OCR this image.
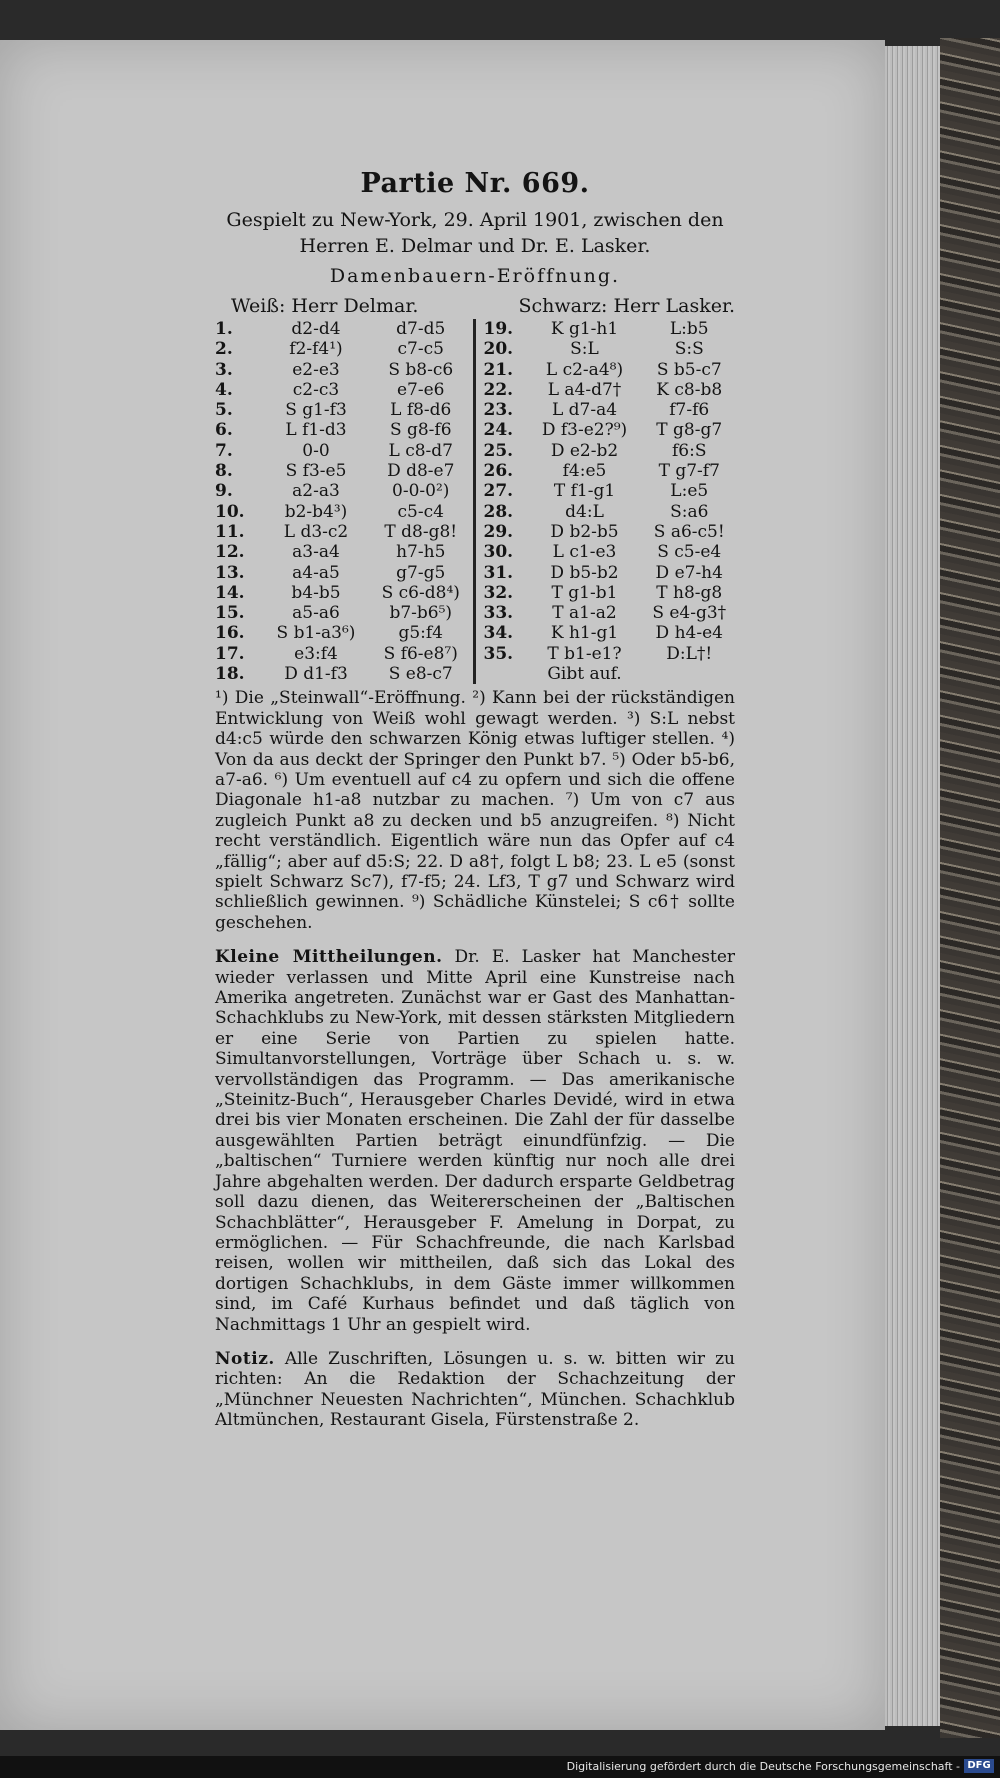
Partie Nr. 669.

Gespielt zu New-York, 29. April 1901, zwischen den Herren E. Delmar und Dr. E. Lasker.

Damenbauern-Eröffnung.
Weiß: Herr Delmar.	Schwarz: Herr Lasker.
1.	d2-d4	d7-d5
2.	f2-f4¹)	c7-c5
3.	e2-e3	S b8-c6
4.	c2-c3	e7-e6
5.	S g1-f3	L f8-d6
6.	L f1-d3	S g8-f6
7.	0-0	L c8-d7
8.	S f3-e5	D d8-e7
9.	a2-a3	0-0-0²)
10.	b2-b4³)	c5-c4
11.	L d3-c2	T d8-g8!
12.	a3-a4	h7-h5
13.	a4-a5	g7-g5
14.	b4-b5	S c6-d8⁴)
15.	a5-a6	b7-b6⁵)
16.	S b1-a3⁶)	g5:f4
17.	e3:f4	S f6-e8⁷)
18.	D d1-f3	S e8-c7
19.	K g1-h1	L:b5
20.	S:L	S:S
21.	L c2-a4⁸)	S b5-c7
22.	L a4-d7†	K c8-b8
23.	L d7-a4	f7-f6
24.	D f3-e2?⁹)	T g8-g7
25.	D e2-b2	f6:S
26.	f4:e5	T g7-f7
27.	T f1-g1	L:e5
28.	d4:L	S:a6
29.	D b2-b5	S a6-c5!
30.	L c1-e3	S c5-e4
31.	D b5-b2	D e7-h4
32.	T g1-b1	T h8-g8
33.	T a1-a2	S e4-g3†
34.	K h1-g1	D h4-e4
35.	T b1-e1?	D:L†!
Gibt auf.

¹) Die „Steinwall“-Eröffnung. ²) Kann bei der rückständigen Entwicklung von Weiß wohl gewagt werden. ³) S:L nebst d4:c5 würde den schwarzen König etwas luftiger stellen. ⁴) Von da aus deckt der Springer den Punkt b7. ⁵) Oder b5-b6, a7-a6. ⁶) Um eventuell auf c4 zu opfern und sich die offene Diagonale h1-a8 nutzbar zu machen. ⁷) Um von c7 aus zugleich Punkt a8 zu decken und b5 anzugreifen. ⁸) Nicht recht verständlich. Eigentlich wäre nun das Opfer auf c4 „fällig“; aber auf d5:S; 22. D a8†, folgt L b8; 23. L e5 (sonst spielt Schwarz Sc7), f7-f5; 24. Lf3, T g7 und Schwarz wird schließlich gewinnen. ⁹) Schädliche Künstelei; S c6† sollte geschehen.

Kleine Mittheilungen. Dr. E. Lasker hat Manchester wieder verlassen und Mitte April eine Kunstreise nach Amerika angetreten. Zunächst war er Gast des Manhattan-Schachklubs zu New-York, mit dessen stärksten Mitgliedern er eine Serie von Partien zu spielen hatte. Simultanvorstellungen, Vorträge über Schach u. s. w. vervollständigen das Programm. — Das amerikanische „Steinitz-Buch“, Herausgeber Charles Devidé, wird in etwa drei bis vier Monaten erscheinen. Die Zahl der für dasselbe ausgewählten Partien beträgt einundfünfzig. — Die „baltischen“ Turniere werden künftig nur noch alle drei Jahre abgehalten werden. Der dadurch ersparte Geldbetrag soll dazu dienen, das Weitererscheinen der „Baltischen Schachblätter“, Herausgeber F. Amelung in Dorpat, zu ermöglichen. — Für Schachfreunde, die nach Karlsbad reisen, wollen wir mittheilen, daß sich das Lokal des dortigen Schachklubs, in dem Gäste immer willkommen sind, im Café Kurhaus befindet und daß täglich von Nachmittags 1 Uhr an gespielt wird.

Notiz. Alle Zuschriften, Lösungen u. s. w. bitten wir zu richten: An die Redaktion der Schachzeitung der „Münchner Neuesten Nachrichten“, München. Schachklub Altmünchen, Restaurant Gisela, Fürstenstraße 2.

Digitalisierung gefördert durch die Deutsche Forschungsgemeinschaft - DFG
